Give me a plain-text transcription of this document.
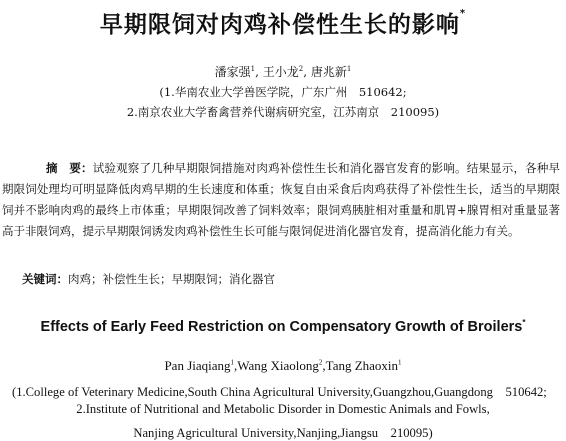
早期限饲对肉鸡补偿性生长的影响*
潘家强$^1$, 王小龙$^2$, 唐兆新$^1$
(1.华南农业大学兽医学院，广东广州　510642;
2.南京农业大学畜禽营养代谢病研究室，江苏南京　210095)
摘　要：试验观察了几种早期限饲措施对肉鸡补偿性生长和消化器官发育的影响。结果显示，各种早期限饲处理均可明显降低肉鸡早期的生长速度和体重；恢复自由采食后肉鸡获得了补偿性生长，适当的早期限饲并不影响肉鸡的最终上市体重；早期限饲改善了饲料效率；限饲鸡胰脏相对重量和肌胃+腺胃相对重量显著高于非限饲鸡，提示早期限饲诱发肉鸡补偿性生长可能与限饲促进消化器官发育，提高消化能力有关。
关键词：肉鸡；补偿性生长；早期限饲；消化器官
Effects of Early Feed Restriction on Compensatory Growth of Broilers*
Pan Jiaqiang$^1$,Wang Xiaolong$^2$,Tang Zhaoxin$^1$
(1.College of Veterinary Medicine,South China Agricultural University,Guangzhou,Guangdong　510642;
2.Institute of Nutritional and Metabolic Disorder in Domestic Animals and Fowls,
Nanjing Agricultural University,Nanjing,Jiangsu　210095)
